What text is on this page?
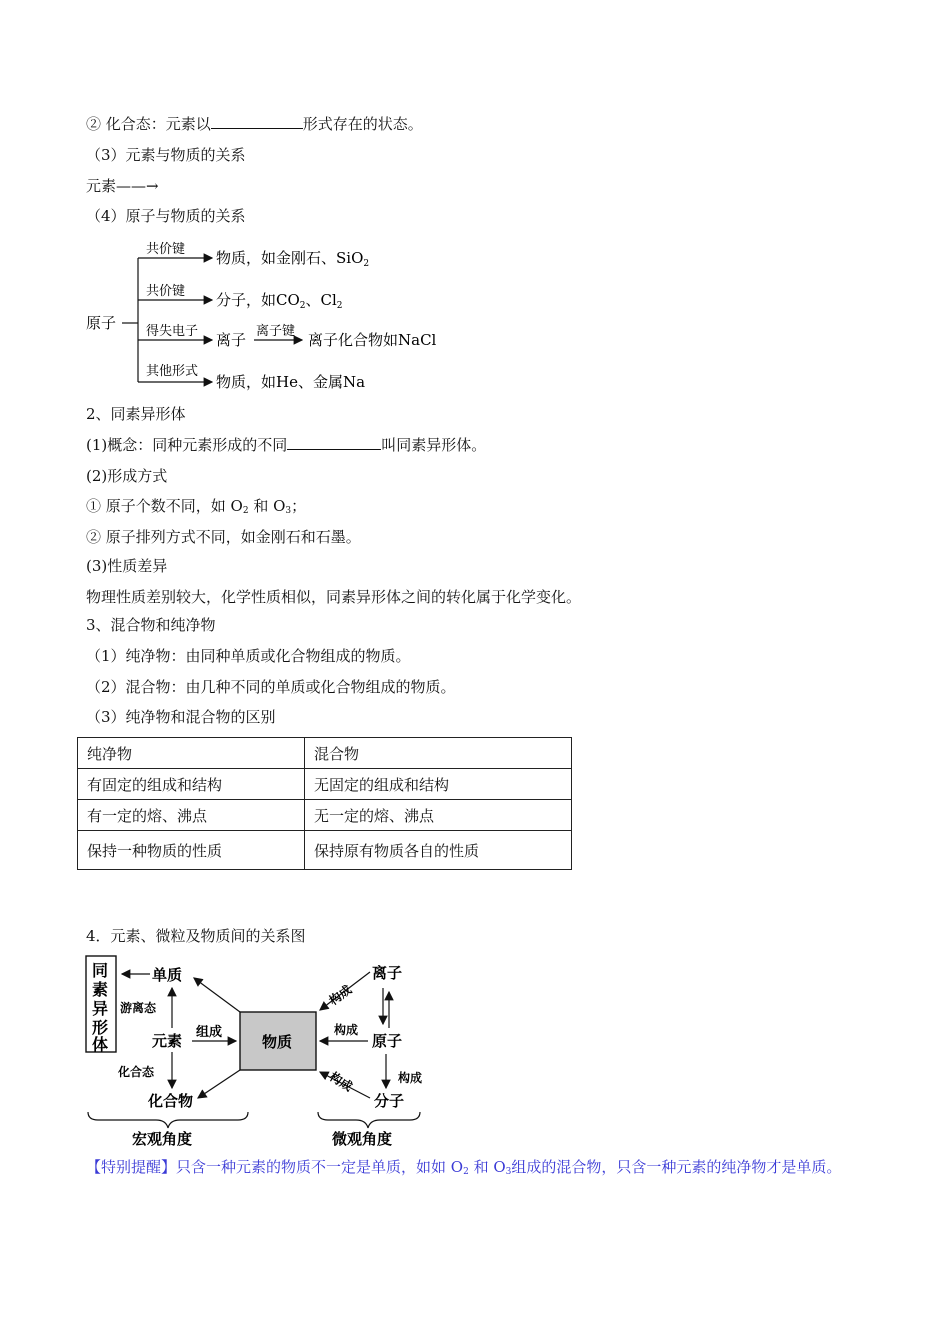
② 化合态：元素以	形式存在的状态。
（3）元素与物质的关系
元素——→
（4）原子与物质的关系
原子
共价键 物质，如金刚石、SiO$_2$
共价键 分子，如$CO_2$、$Cl_2$
得失电子 离子 离子键 离子化合物如NaCl
其他形式
物质，如He、金属Na
2、同素异形体
(1)概念：同种元素形成的不同	叫同素异形体。
(2)形成方式
① 原子个数不同，如 $O_2$ 和 $O_3$；
② 原子排列方式不同，如金刚石和石墨。
(3)性质差异
物理性质差别较大，化学性质相似，同素异形体之间的转化属于化学变化。
3、混合物和纯净物
（1）纯净物：由同种单质或化合物组成的物质。
（2）混合物：由几种不同的单质或化合物组成的物质。
（3）纯净物和混合物的区别
纯净物	混合物
有固定的组成和结构	无固定的组成和结构
有一定的熔、沸点	无一定的熔、沸点
保持一种物质的性质	保持原有物质各自的性质
4．元素、微粒及物质间的关系图
同
素
异
形
体
单质
元素
游离态
化合态
化合物
组成
物质
离子
原子
分子
构成
构成
构成	构成
宏观角度	微观角度
【特别提醒】只含一种元素的物质不一定是单质，如如 $O_2$ 和 $O_3$组成的混合物，只含一种元素的纯净物才是单质。
